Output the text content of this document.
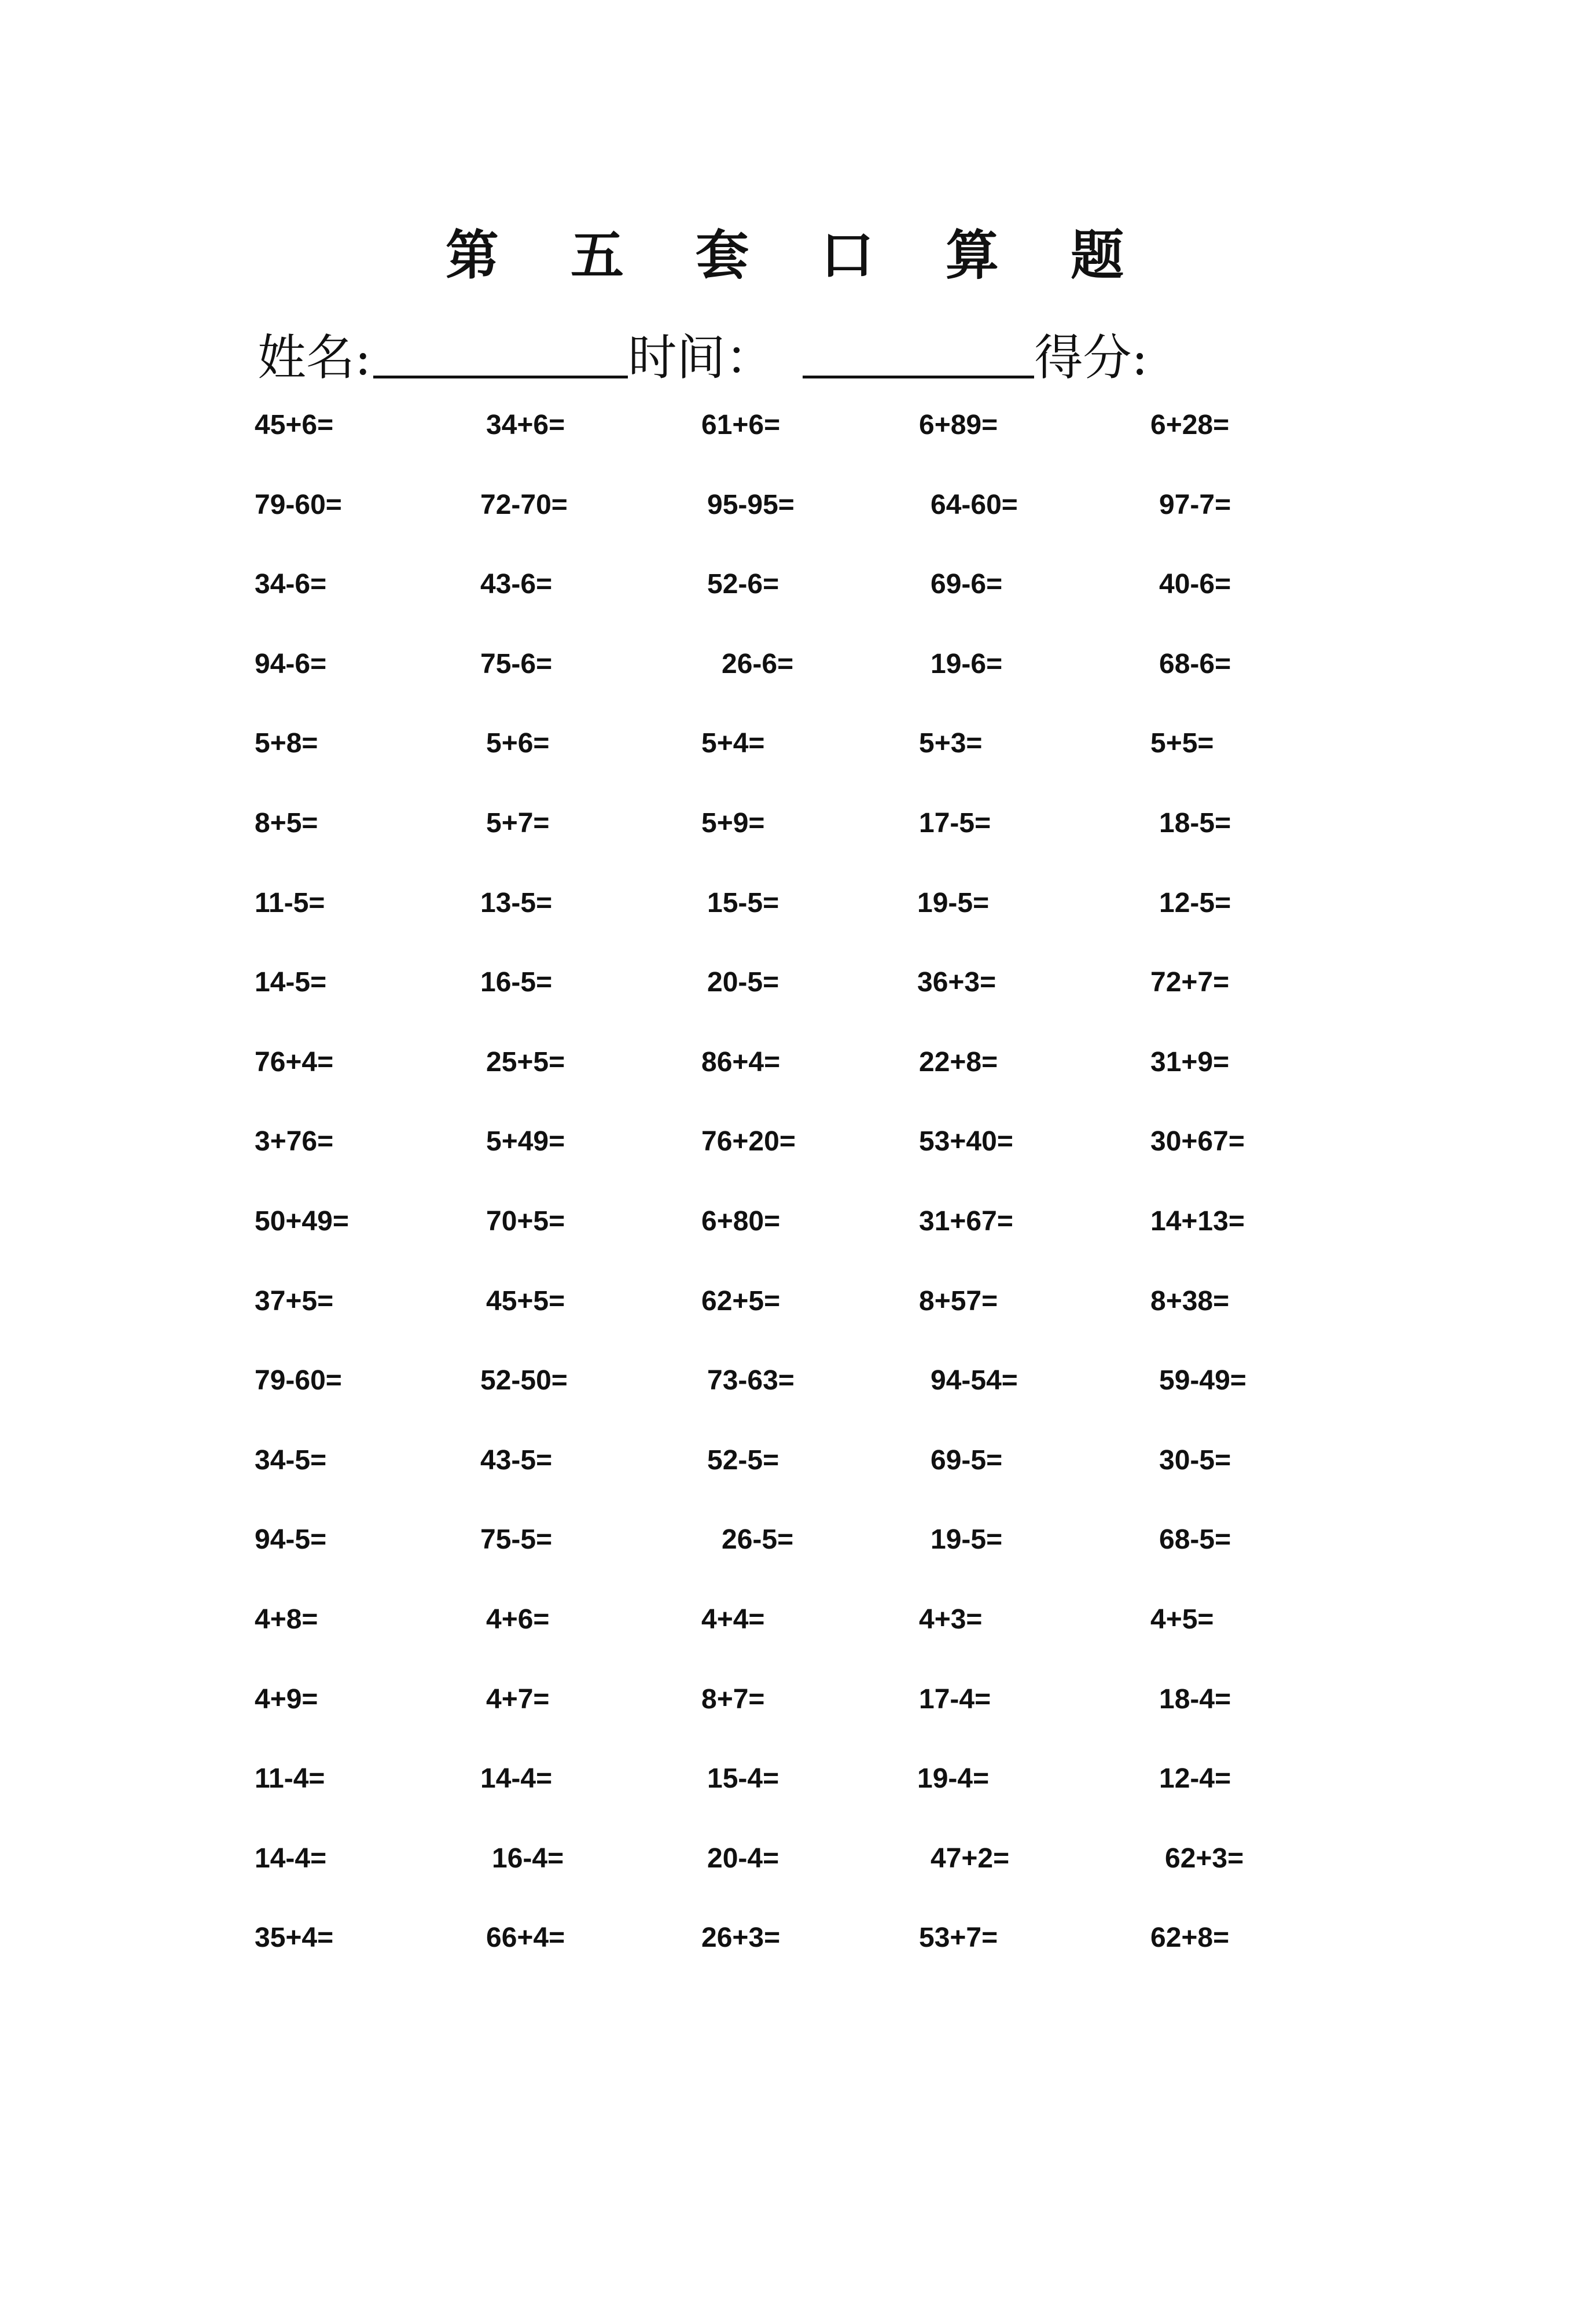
第 五 套 口 算 题
姓名:	时间：	得分:
45+6=	34+6=	61+6=	6+89=	6+28=
79-60=	72-70=	95-95=	64-60=	97-7=
34-6=	43-6=	52-6=	69-6=	40-6=
94-6=	75-6=	26-6=	19-6=	68-6=
5+8=	5+6=	5+4=	5+3=	5+5=
8+5=	5+7=	5+9=	17-5=	18-5=
11-5=	13-5=	15-5=	19-5=	12-5=
14-5=	16-5=	20-5=	36+3=	72+7=
76+4=	25+5=	86+4=	22+8=	31+9=
3+76=	5+49=	76+20=	53+40=	30+67=
50+49=	70+5=	6+80=	31+67=	14+13=
37+5=	45+5=	62+5=	8+57=	8+38=
79-60=	52-50=	73-63=	94-54=	59-49=
34-5=	43-5=	52-5=	69-5=	30-5=
94-5=	75-5=	26-5=	19-5=	68-5=
4+8=	4+6=	4+4=	4+3=	4+5=
4+9=	4+7=	8+7=	17-4=	18-4=
11-4=	14-4=	15-4=	19-4=	12-4=
14-4=	16-4=	20-4=	47+2=	62+3=
35+4=	66+4=	26+3=	53+7=	62+8=
